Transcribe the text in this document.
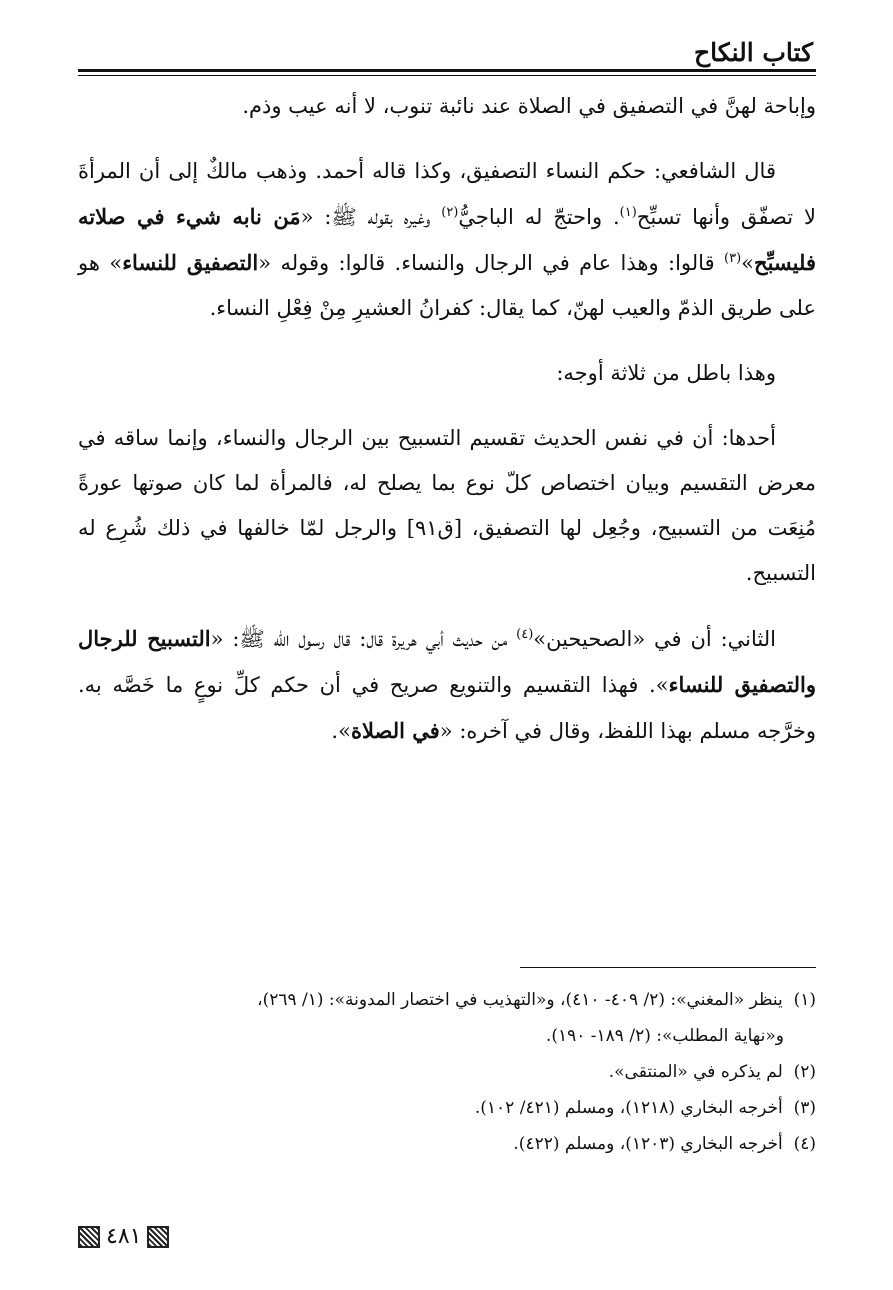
كتاب النكاح

وإباحة لهنَّ في التصفيق في الصلاة عند نائبة تنوب، لا أنه عيب وذم.

قال الشافعي: حكم النساء التصفيق، وكذا قاله أحمد. وذهب مالكٌ إلى أن المرأةَ لا تصفّق وأنها تسبِّح$^{(١)}$. واحتجّ له الباجيُّ$^{(٢)}$ وغيره بقوله ﷺ: «مَن نابه شيء في صلاته فليسبِّح»$^{(٣)}$ قالوا: وهذا عام في الرجال والنساء. قالوا: وقوله «التصفيق للنساء» هو على طريق الذمّ والعيب لهنّ، كما يقال: كفرانُ العشيرِ مِنْ فِعْلِ النساء.

وهذا باطل من ثلاثة أوجه:

أحدها: أن في نفس الحديث تقسيم التسبيح بين الرجال والنساء، وإنما ساقه في معرض التقسيم وبيان اختصاص كلّ نوع بما يصلح له، فالمرأة لما كان صوتها عورةً مُنِعَت من التسبيح، وجُعِل لها التصفيق، [ق٩١] والرجل لمّا خالفها في ذلك شُرِع له التسبيح.

الثاني: أن في «الصحيحين»$^{(٤)}$ من حديث أبي هريرة قال: قال رسول الله ﷺ: «التسبيح للرجال والتصفيق للنساء». فهذا التقسيم والتنويع صريح في أن حكم كلِّ نوعٍ ما خَصَّه به. وخرَّجه مسلم بهذا اللفظ، وقال في آخره: «في الصلاة».

(١)  ينظر «المغني»: (٢/ ٤٠٩- ٤١٠)، و«التهذيب في اختصار المدونة»: (١/ ٢٦٩)،

و«نهاية المطلب»: (٢/ ١٨٩- ١٩٠).

(٢)  لم يذكره في «المنتقى».

(٣)  أخرجه البخاري (١٢١٨)، ومسلم (٤٢١/ ١٠٢).

(٤)  أخرجه البخاري (١٢٠٣)، ومسلم (٤٢٢).

٤٨١
